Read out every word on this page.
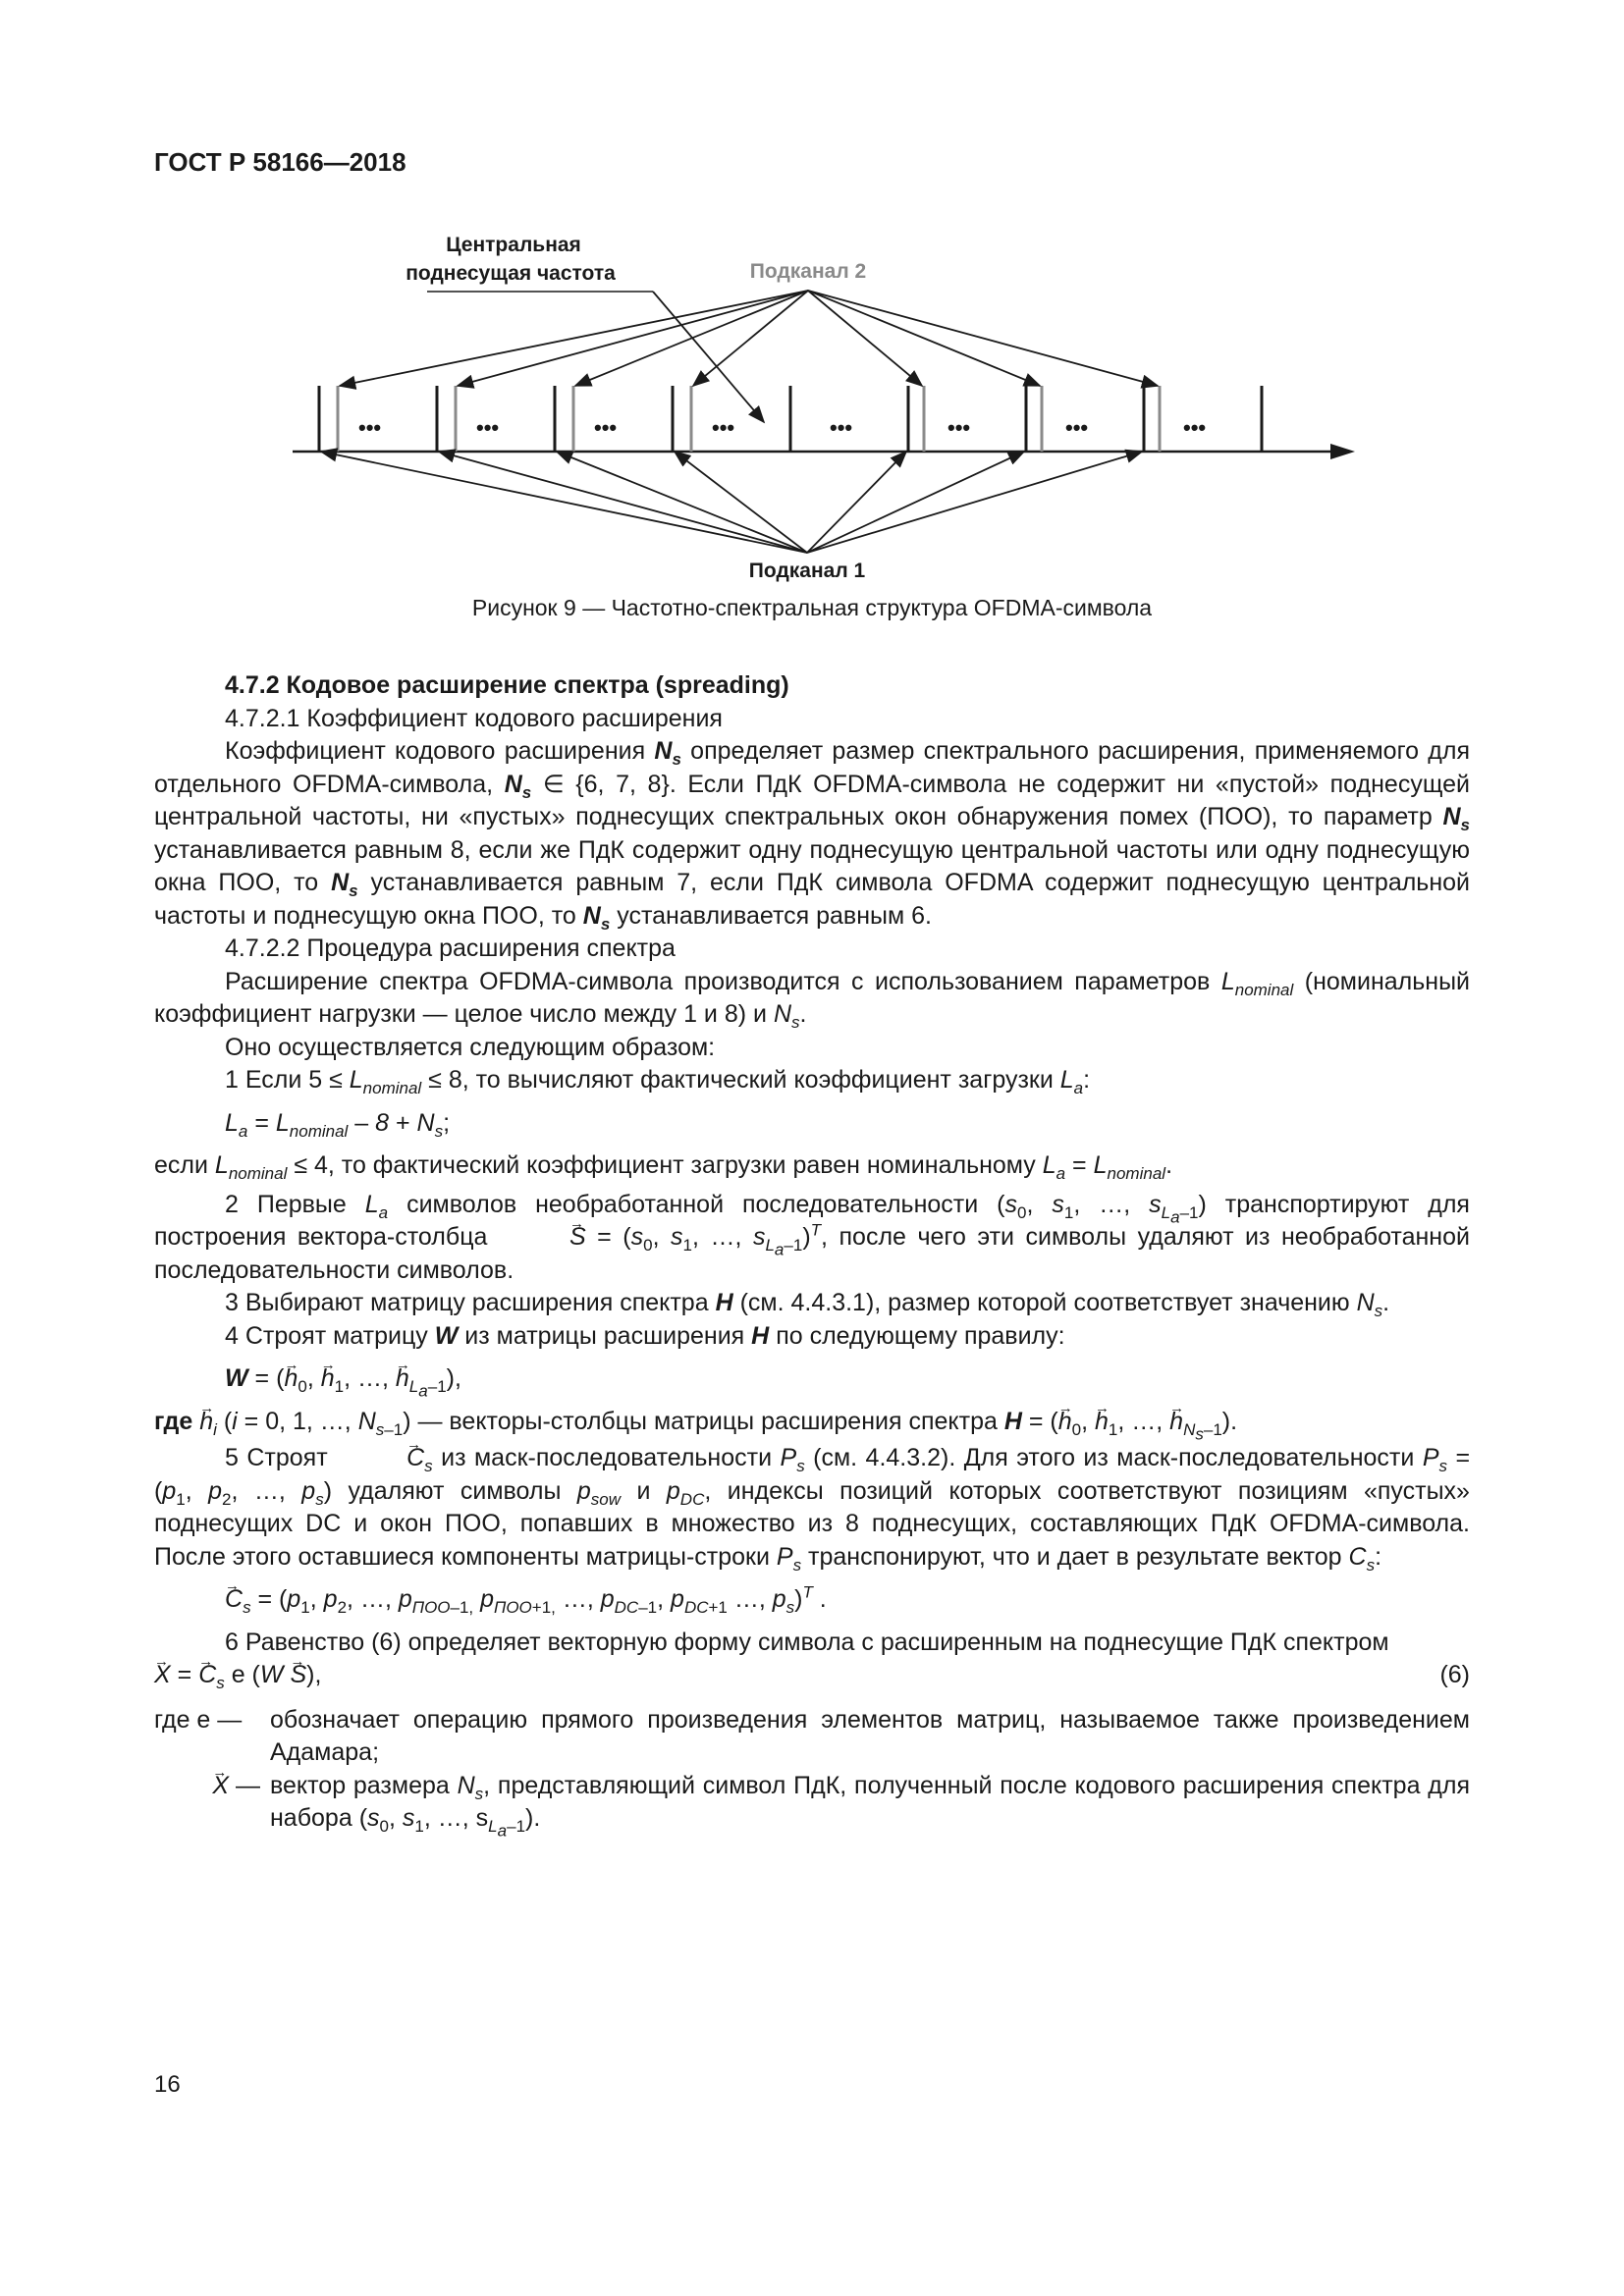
ГОСТ Р 58166—2018
Центральная
поднесущая частота	Подканал 2
Подканал 1
•••	•••	•••	•••	•••	•••	•••	•••
Рисунок 9 — Частотно-спектральная структура OFDMA-символа

4.7.2 Кодовое расширение спектра (spreading)

4.7.2.1 Коэффициент кодового расширения

Коэффициент кодового расширения $N_s$ определяет размер спектрального расширения, применяемого для отдельного OFDMA-символа, $N_s$ ∈ {6, 7, 8}. Если ПдК OFDMA-символа не содержит ни «пустой» поднесущей центральной частоты, ни «пустых» поднесущих спектральных окон обнаружения помех (ПОО), то параметр $N_s$ устанавливается равным 8, если же ПдК содержит одну поднесущую центральной частоты или одну поднесущую окна ПОО, то $N_s$ устанавливается равным 7, если ПдК символа OFDMA содержит поднесущую центральной частоты и поднесущую окна ПОО, то $N_s$ устанавливается равным 6.

4.7.2.2 Процедура расширения спектра

Расширение спектра OFDMA-символа производится с использованием параметров $L_{nominal}$ (номинальный коэффициент нагрузки — целое число между 1 и 8) и $N_s$.

Оно осуществляется следующим образом:

1 Если $5 \le L_{nominal} \le 8$, то вычисляют фактический коэффициент загрузки $L_a$:

$L_a = L_{nominal} - 8 + N_s$;

если $L_{nominal} \le 4$, то фактический коэффициент загрузки равен номинальному $L_a = L_{nominal}$.

2 Первые $L_a$ символов необработанной последовательности ($s_0$, $s_1$, …, $s_{L_a-1}$) транспортируют для построения вектора-столбца	→ $S = (s_0$, $s_1$, …, $s_{L_a-1})^T$, после чего эти символы удаляют из необработанной последовательности символов.

3 Выбирают матрицу расширения спектра H (см. 4.4.3.1), размер которой соответствует значению $N_s$.

4 Строят матрицу W из матрицы расширения H по следующему правилу:

W = (→ $h_0$, → $h_1$, …, → $h_{L_a-1}$),

где → $h_i$ (i = 0, 1, …, $N_{s-1}$) — векторы-столбцы матрицы расширения спектра H = (→ $h_0$, → $h_1$, …, → $h_{N_s-1}$).

5 Строят	→ $C_s$ из маск-последовательности $P_s$ (см. 4.4.3.2). Для этого из маск-последовательности $P_s = (p_1$, $p_2$, …, $p_s$) удаляют символы $p_{sow}$ и $p_{DC}$, индексы позиций которых соответствуют позициям «пустых» поднесущих DC и окон ПОО, попавших в множество из 8 поднесущих, составляющих ПдК OFDMA-символа. После этого оставшиеся компоненты матрицы-строки $P_s$ транспонируют, что и дает в результате вектор $C_s$:

→ $C_s = (p_1$, $p_2$, …, $p_{ПОО-1,}$ $p_{ПОО+1,}$ …, $p_{DC-1}$, $p_{DC+1}$ …, $p_s)^T$ .

6 Равенство (6) определяет векторную форму символа с расширенным на поднесущие ПдК спектром

(6)
→ X = → $C_s$ e (W → S),

где e —	обозначает операцию прямого произведения элементов матриц, называемое также произведением Адамара;
→ X — вектор размера $N_s$, представляющий символ ПдК, полученный после кодового расширения спектра для набора ($s_0$, $s_1$, …, $s_{L_a-1}$).
16
